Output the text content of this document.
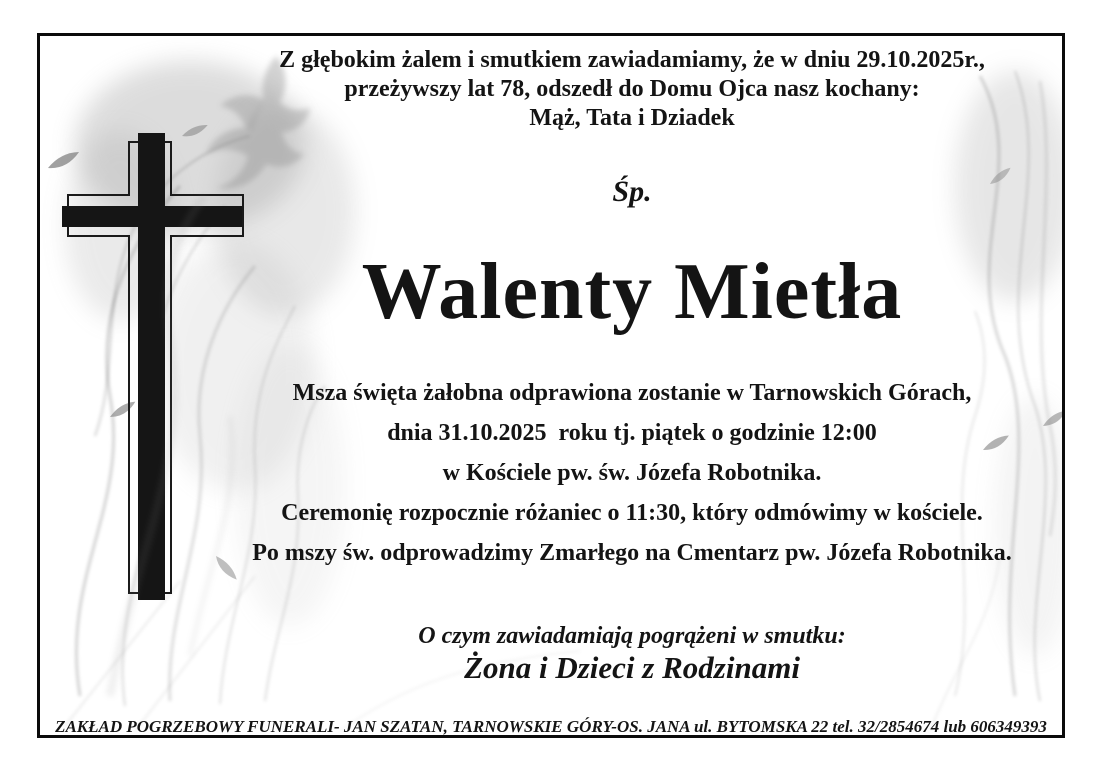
Z głębokim żalem i smutkiem zawiadamiamy, że w dniu 29.10.2025r.,
przeżywszy lat 78, odszedł do Domu Ojca nasz kochany:
Mąż, Tata i Dziadek
Śp.
Walenty Mietła
Msza święta żałobna odprawiona zostanie w Tarnowskich Górach,
dnia 31.10.2025  roku tj. piątek o godzinie 12:00
w Kościele pw. św. Józefa Robotnika.
Ceremonię rozpocznie różaniec o 11:30, który odmówimy w kościele.
Po mszy św. odprowadzimy Zmarłego na Cmentarz pw. Józefa Robotnika.
O czym zawiadamiają pogrążeni w smutku:
Żona i Dzieci z Rodzinami
ZAKŁAD POGRZEBOWY FUNERALI- JAN SZATAN, TARNOWSKIE GÓRY-OS. JANA ul. BYTOMSKA 22 tel. 32/2854674 lub 606349393
